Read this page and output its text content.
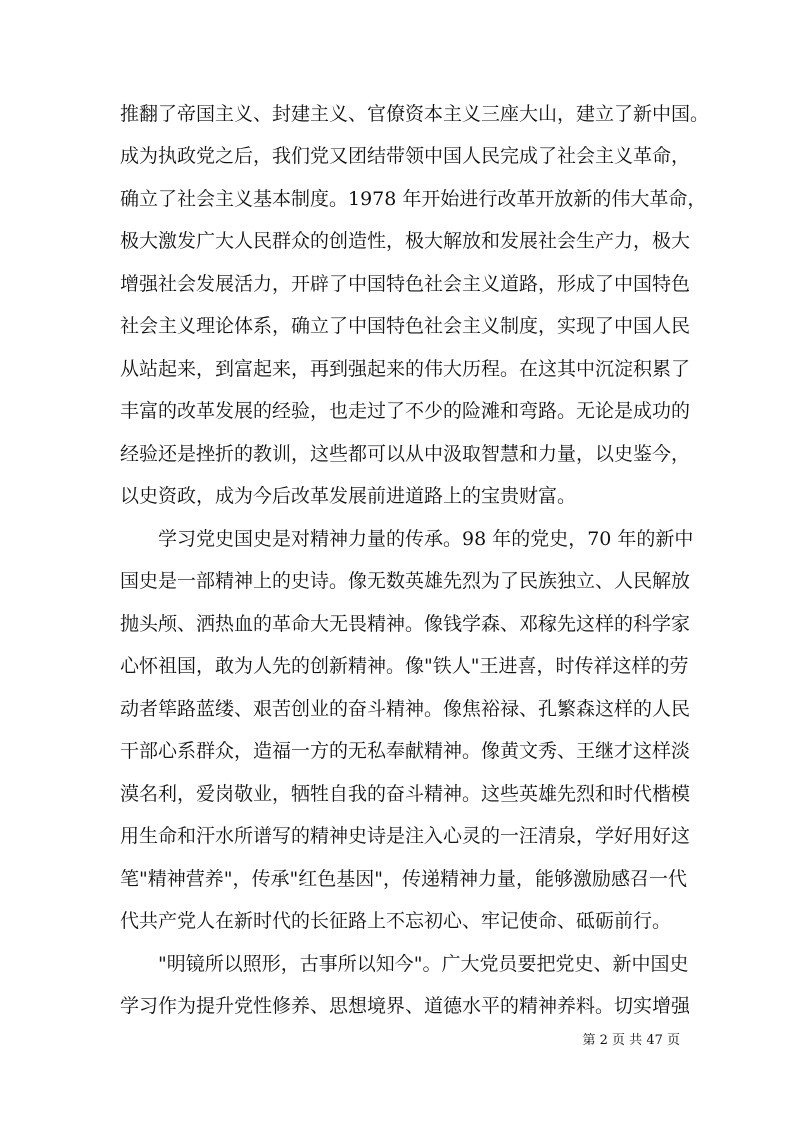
推翻了帝国主义、封建主义、官僚资本主义三座大山，建立了新中国。
成为执政党之后，我们党又团结带领中国人民完成了社会主义革命，
确立了社会主义基本制度。1978 年开始进行改革开放新的伟大革命，
极大激发广大人民群众的创造性，极大解放和发展社会生产力，极大
增强社会发展活力，开辟了中国特色社会主义道路，形成了中国特色
社会主义理论体系，确立了中国特色社会主义制度，实现了中国人民
从站起来，到富起来，再到强起来的伟大历程。在这其中沉淀积累了
丰富的改革发展的经验，也走过了不少的险滩和弯路。无论是成功的
经验还是挫折的教训，这些都可以从中汲取智慧和力量，以史鉴今，
以史资政，成为今后改革发展前进道路上的宝贵财富。
学习党史国史是对精神力量的传承。98 年的党史，70 年的新中
国史是一部精神上的史诗。像无数英雄先烈为了民族独立、人民解放
抛头颅、洒热血的革命大无畏精神。像钱学森、邓稼先这样的科学家
心怀祖国，敢为人先的创新精神。像"铁人"王进喜，时传祥这样的劳
动者筚路蓝缕、艰苦创业的奋斗精神。像焦裕禄、孔繁森这样的人民
干部心系群众，造福一方的无私奉献精神。像黄文秀、王继才这样淡
漠名利，爱岗敬业，牺牲自我的奋斗精神。这些英雄先烈和时代楷模
用生命和汗水所谱写的精神史诗是注入心灵的一汪清泉，学好用好这
笔"精神营养"，传承"红色基因"，传递精神力量，能够激励感召一代
代共产党人在新时代的长征路上不忘初心、牢记使命、砥砺前行。
"明镜所以照形，古事所以知今"。广大党员要把党史、新中国史
学习作为提升党性修养、思想境界、道德水平的精神养料。切实增强
第 2 页 共 47 页
